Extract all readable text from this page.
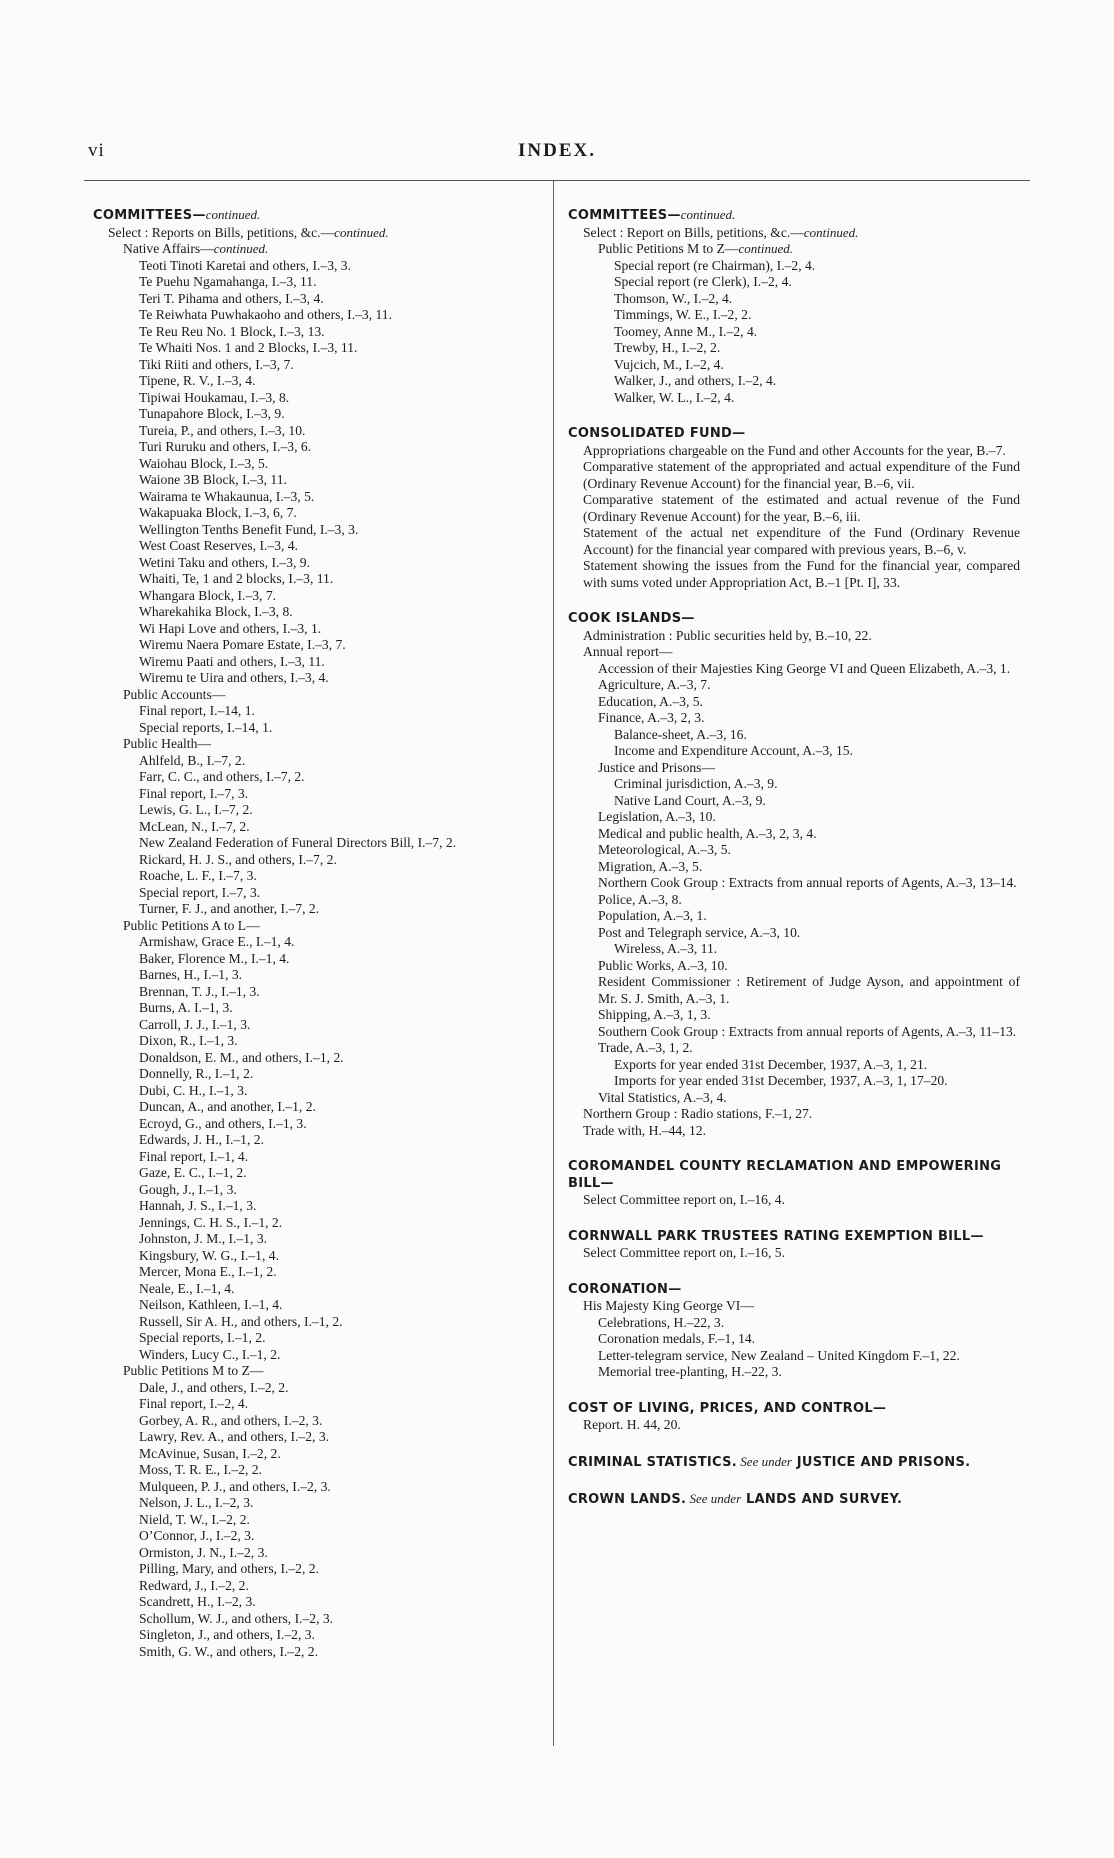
vi	INDEX.
COMMITTEES—continued.
Select : Reports on Bills, petitions, &c.—continued.
Native Affairs—continued.
Teoti Tinoti Karetai and others, I.–3, 3.
Te Puehu Ngamahanga, I.–3, 11.
Teri T. Pihama and others, I.–3, 4.
Te Reiwhata Puwhakaoho and others, I.–3, 11.
Te Reu Reu No. 1 Block, I.–3, 13.
Te Whaiti Nos. 1 and 2 Blocks, I.–3, 11.
Tiki Riiti and others, I.–3, 7.
Tipene, R. V., I.–3, 4.
Tipiwai Houkamau, I.–3, 8.
Tunapahore Block, I.–3, 9.
Tureia, P., and others, I.–3, 10.
Turi Ruruku and others, I.–3, 6.
Waiohau Block, I.–3, 5.
Waione 3B Block, I.–3, 11.
Wairama te Whakaunua, I.–3, 5.
Wakapuaka Block, I.–3, 6, 7.
Wellington Tenths Benefit Fund, I.–3, 3.
West Coast Reserves, I.–3, 4.
Wetini Taku and others, I.–3, 9.
Whaiti, Te, 1 and 2 blocks, I.–3, 11.
Whangara Block, I.–3, 7.
Wharekahika Block, I.–3, 8.
Wi Hapi Love and others, I.–3, 1.
Wiremu Naera Pomare Estate, I.–3, 7.
Wiremu Paati and others, I.–3, 11.
Wiremu te Uira and others, I.–3, 4.
Public Accounts—
Final report, I.–14, 1.
Special reports, I.–14, 1.
Public Health—
Ahlfeld, B., I.–7, 2.
Farr, C. C., and others, I.–7, 2.
Final report, I.–7, 3.
Lewis, G. L., I.–7, 2.
McLean, N., I.–7, 2.
New Zealand Federation of Funeral Directors Bill, I.–7, 2.
Rickard, H. J. S., and others, I.–7, 2.
Roache, L. F., I.–7, 3.
Special report, I.–7, 3.
Turner, F. J., and another, I.–7, 2.
Public Petitions A to L—
Armishaw, Grace E., I.–1, 4.
Baker, Florence M., I.–1, 4.
Barnes, H., I.–1, 3.
Brennan, T. J., I.–1, 3.
Burns, A. I.–1, 3.
Carroll, J. J., I.–1, 3.
Dixon, R., I.–1, 3.
Donaldson, E. M., and others, I.–1, 2.
Donnelly, R., I.–1, 2.
Dubi, C. H., I.–1, 3.
Duncan, A., and another, I.–1, 2.
Ecroyd, G., and others, I.–1, 3.
Edwards, J. H., I.–1, 2.
Final report, I.–1, 4.
Gaze, E. C., I.–1, 2.
Gough, J., I.–1, 3.
Hannah, J. S., I.–1, 3.
Jennings, C. H. S., I.–1, 2.
Johnston, J. M., I.–1, 3.
Kingsbury, W. G., I.–1, 4.
Mercer, Mona E., I.–1, 2.
Neale, E., I.–1, 4.
Neilson, Kathleen, I.–1, 4.
Russell, Sir A. H., and others, I.–1, 2.
Special reports, I.–1, 2.
Winders, Lucy C., I.–1, 2.
Public Petitions M to Z—
Dale, J., and others, I.–2, 2.
Final report, I.–2, 4.
Gorbey, A. R., and others, I.–2, 3.
Lawry, Rev. A., and others, I.–2, 3.
McAvinue, Susan, I.–2, 2.
Moss, T. R. E., I.–2, 2.
Mulqueen, P. J., and others, I.–2, 3.
Nelson, J. L., I.–2, 3.
Nield, T. W., I.–2, 2.
O’Connor, J., I.–2, 3.
Ormiston, J. N., I.–2, 3.
Pilling, Mary, and others, I.–2, 2.
Redward, J., I.–2, 2.
Scandrett, H., I.–2, 3.
Schollum, W. J., and others, I.–2, 3.
Singleton, J., and others, I.–2, 3.
Smith, G. W., and others, I.–2, 2.
COMMITTEES—continued.
Select : Report on Bills, petitions, &c.—continued.
Public Petitions M to Z—continued.
Special report (re Chairman), I.–2, 4.
Special report (re Clerk), I.–2, 4.
Thomson, W., I.–2, 4.
Timmings, W. E., I.–2, 2.
Toomey, Anne M., I.–2, 4.
Trewby, H., I.–2, 2.
Vujcich, M., I.–2, 4.
Walker, J., and others, I.–2, 4.
Walker, W. L., I.–2, 4.
CONSOLIDATED FUND—
Appropriations chargeable on the Fund and other Accounts for the year, B.–7.
Comparative statement of the appropriated and actual expenditure of the Fund (Ordinary Revenue Account) for the financial year, B.–6, vii.
Comparative statement of the estimated and actual revenue of the Fund (Ordinary Revenue Account) for the year, B.–6, iii.
Statement of the actual net expenditure of the Fund (Ordinary Revenue Account) for the financial year compared with previous years, B.–6, v.
Statement showing the issues from the Fund for the financial year, compared with sums voted under Appropriation Act, B.–1 [Pt. I], 33.
COOK ISLANDS—
Administration : Public securities held by, B.–10, 22.
Annual report—
Accession of their Majesties King George VI and Queen Elizabeth, A.–3, 1.
Agriculture, A.–3, 7.
Education, A.–3, 5.
Finance, A.–3, 2, 3.
Balance-sheet, A.–3, 16.
Income and Expenditure Account, A.–3, 15.
Justice and Prisons—
Criminal jurisdiction, A.–3, 9.
Native Land Court, A.–3, 9.
Legislation, A.–3, 10.
Medical and public health, A.–3, 2, 3, 4.
Meteorological, A.–3, 5.
Migration, A.–3, 5.
Northern Cook Group : Extracts from annual reports of Agents, A.–3, 13–14.
Police, A.–3, 8.
Population, A.–3, 1.
Post and Telegraph service, A.–3, 10.
Wireless, A.–3, 11.
Public Works, A.–3, 10.
Resident Commissioner : Retirement of Judge Ayson, and appointment of Mr. S. J. Smith, A.–3, 1.
Shipping, A.–3, 1, 3.
Southern Cook Group : Extracts from annual reports of Agents, A.–3, 11–13.
Trade, A.–3, 1, 2.
Exports for year ended 31st December, 1937, A.–3, 1, 21.
Imports for year ended 31st December, 1937, A.–3, 1, 17–20.
Vital Statistics, A.–3, 4.
Northern Group : Radio stations, F.–1, 27.
Trade with, H.–44, 12.
COROMANDEL COUNTY RECLAMATION AND EMPOWERING BILL—
Select Committee report on, I.–16, 4.
CORNWALL PARK TRUSTEES RATING EXEMPTION BILL—
Select Committee report on, I.–16, 5.
CORONATION—
His Majesty King George VI—
Celebrations, H.–22, 3.
Coronation medals, F.–1, 14.
Letter-telegram service, New Zealand – United Kingdom F.–1, 22.
Memorial tree-planting, H.–22, 3.
COST OF LIVING, PRICES, AND CONTROL—
Report. H. 44, 20.
CRIMINAL STATISTICS. See under JUSTICE AND PRISONS.
CROWN LANDS. See under LANDS AND SURVEY.
